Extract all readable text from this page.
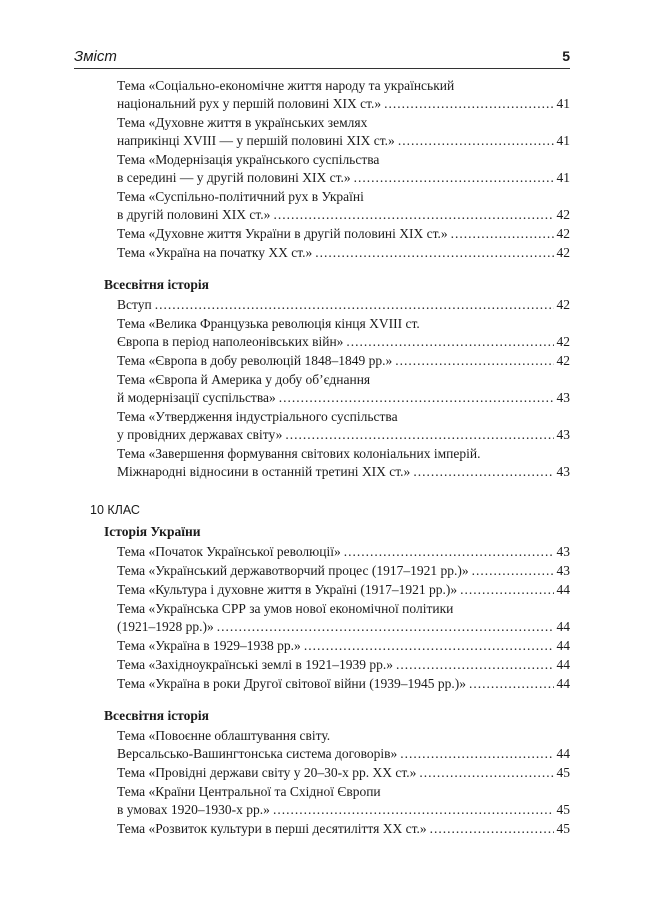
Зміст	5
Тема «Соціально-економічне життя народу та український
національний рух у першій половині XIX ст.» .....	41
Тема «Духовне життя в українських землях
наприкінці XVIII — у першій половині XIX ст.» .....	41
Тема «Модернізація українського суспільства
в середині — у другій половині XIX ст.» .....	41
Тема «Суспільно-політичний рух в Україні
в другій половині XIX ст.» .....	42
Тема «Духовне життя України в другій половині XIX ст.» .....	42
Тема «Україна на початку XX ст.» .....	42
Всесвітня історія
Вступ .....	42
Тема «Велика Французька революція кінця XVIII ст.
Європа в період наполеонівських війн» .....	42
Тема «Європа в добу революцій 1848–1849 рр.» .....	42
Тема «Європа й Америка у добу об’єднання
й модернізації суспільства» .....	43
Тема «Утвердження індустріального суспільства
у провідних державах світу» .....	43
Тема «Завершення формування світових колоніальних імперій.
Міжнародні відносини в останній третині XIX ст.» .....	43
10 КЛАС
Історія України
Тема «Початок Української революції» .....	43
Тема «Український державотворчий процес (1917–1921 рр.)» .....	43
Тема «Культура і духовне життя в Україні (1917–1921 рр.)» .....	44
Тема «Українська СРР за умов нової економічної політики
(1921–1928 рр.)» .....	44
Тема «Україна в 1929–1938 рр.» .....	44
Тема «Західноукраїнські землі в 1921–1939 рр.» .....	44
Тема «Україна в роки Другої світової війни (1939–1945 рр.)» .....	44
Всесвітня історія
Тема «Повоєнне облаштування світу.
Версальсько-Вашингтонська система договорів» .....	44
Тема «Провідні держави світу у 20–30-х рр. XX ст.» .....	45
Тема «Країни Центральної та Східної Європи
в умовах 1920–1930-х рр.» .....	45
Тема «Розвиток культури в перші десятиліття XX ст.» .....	45
